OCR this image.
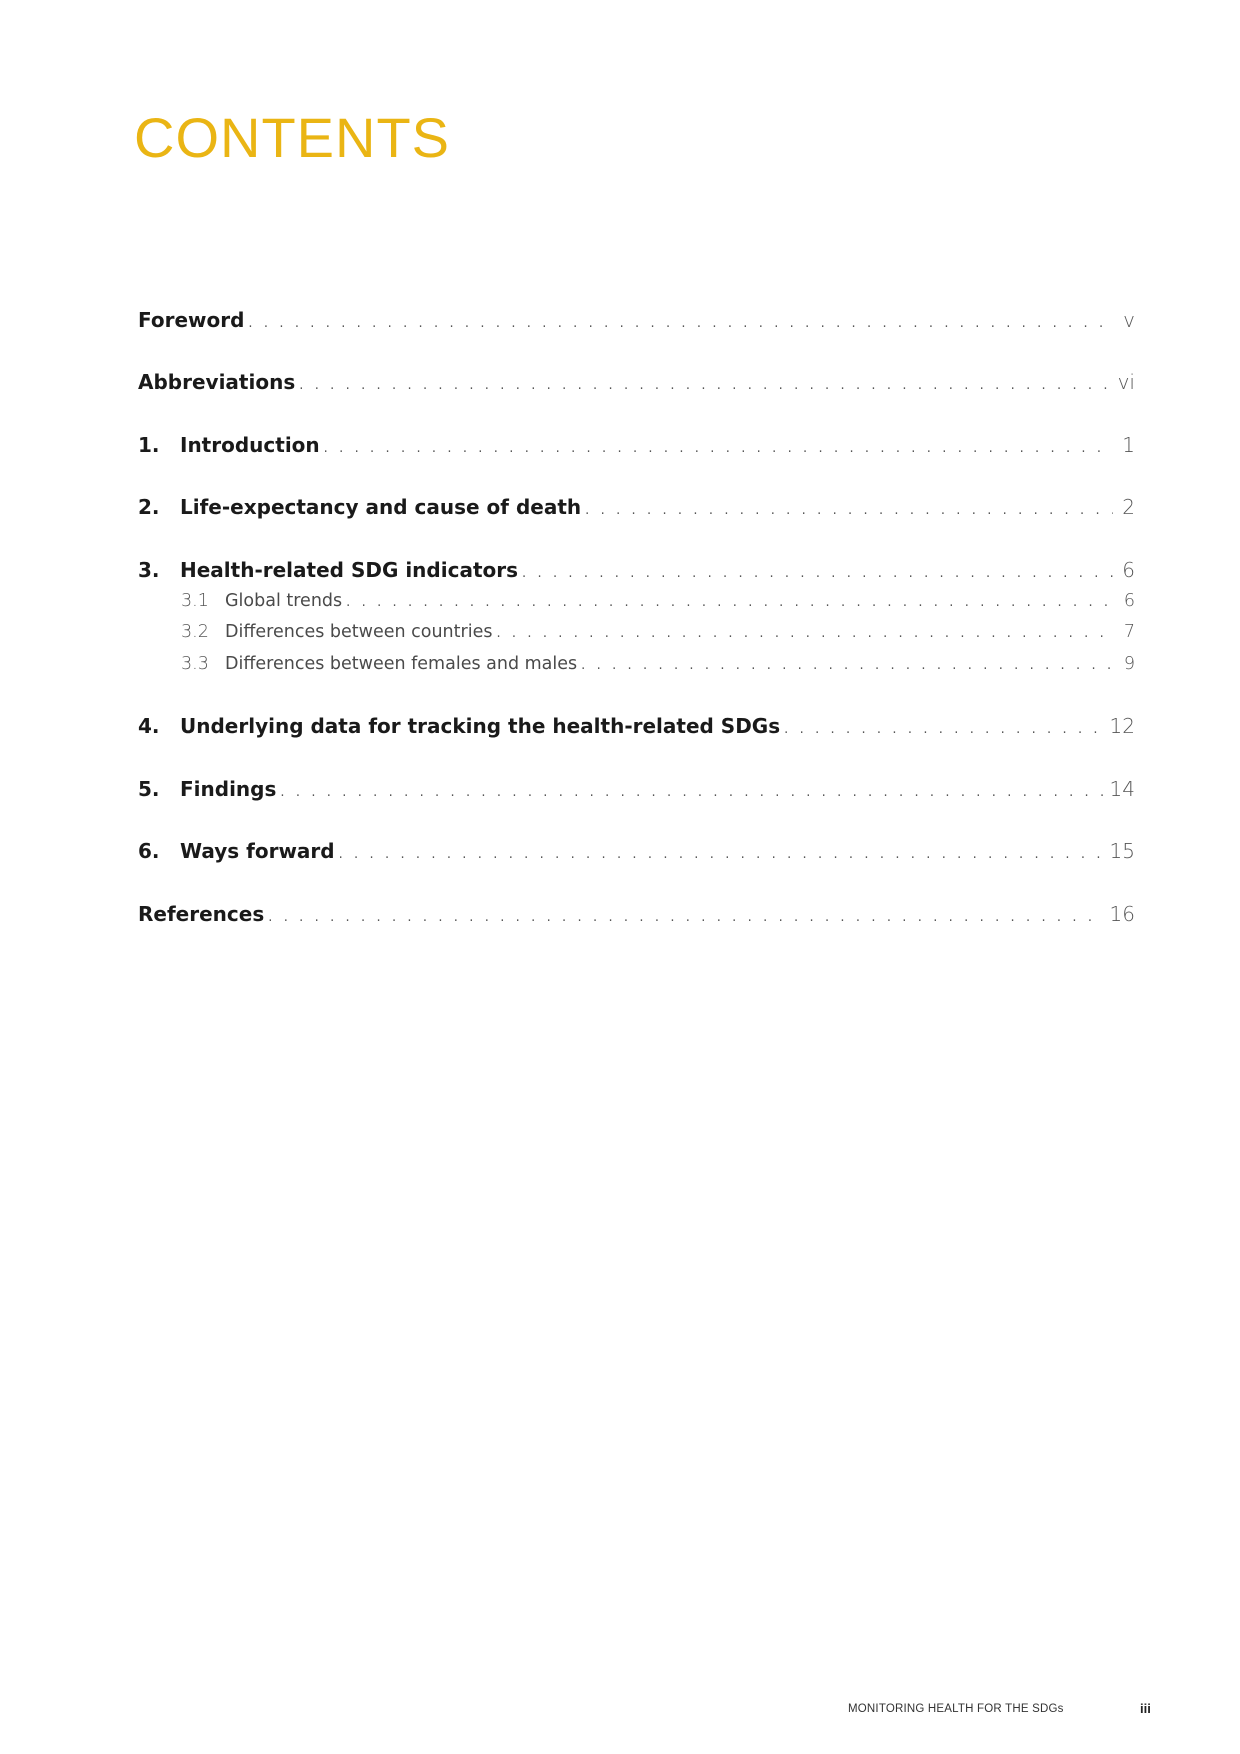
CONTENTS
Foreword . . .	v
Abbreviations . . .	vi
1.	Introduction . . .	1
2.	Life-expectancy and cause of death . . .	2
3.	Health-related SDG indicators . . .	6
3.1 Global trends . . .	6
3.2 Differences between countries . . .	7
3.3 Differences between females and males . . .	9
4.	Underlying data for tracking the health-related SDGs . . .	12
5.	Findings . . .	14
6.	Ways forward . . .	15
References . . .	16
MONITORING HEALTH FOR THE SDGs	iii
